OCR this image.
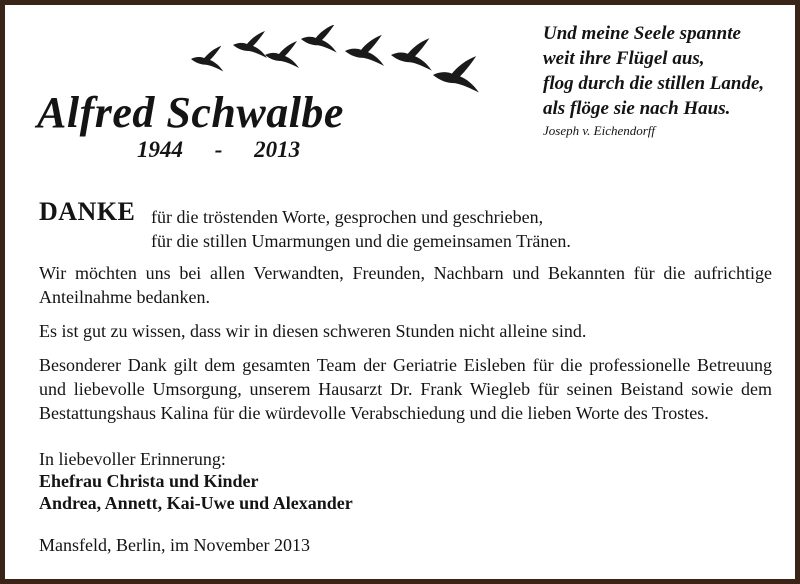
Alfred Schwalbe
1944 - 2013
Und meine Seele spannte
weit ihre Flügel aus,
flog durch die stillen Lande,
als flöge sie nach Haus.
Joseph v. Eichendorff
DANKE für die tröstenden Worte, gesprochen und geschrieben,
für die stillen Umarmungen und die gemeinsamen Tränen.

Wir möchten uns bei allen Verwandten, Freunden, Nachbarn und Bekannten für die aufrichtige Anteilnahme bedanken.

Es ist gut zu wissen, dass wir in diesen schweren Stunden nicht alleine sind.

Besonderer Dank gilt dem gesamten Team der Geriatrie Eisleben für die professionelle Betreuung und liebevolle Umsorgung, unserem Hausarzt Dr. Frank Wiegleb für seinen Beistand sowie dem Bestattungshaus Kalina für die würdevolle Verabschiedung und die lieben Worte des Trostes.

In liebevoller Erinnerung:
Ehefrau Christa und Kinder
Andrea, Annett, Kai-Uwe und Alexander
Mansfeld, Berlin, im November 2013
